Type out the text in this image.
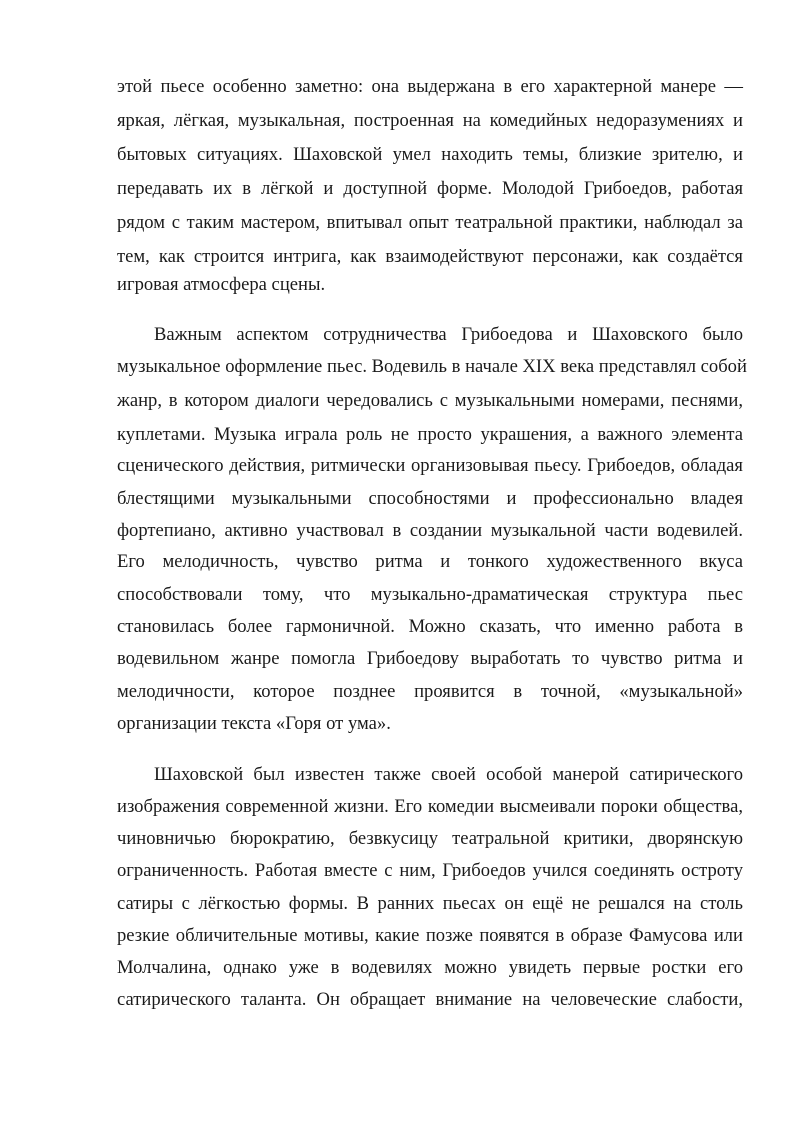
этой пьесе особенно заметно: она выдержана в его характерной манере —
яркая, лёгкая, музыкальная, построенная на комедийных недоразумениях и
бытовых ситуациях. Шаховской умел находить темы, близкие зрителю, и
передавать их в лёгкой и доступной форме. Молодой Грибоедов, работая
рядом с таким мастером, впитывал опыт театральной практики, наблюдал за
тем, как строится интрига, как взаимодействуют персонажи, как создаётся
игровая атмосфера сцены.
Важным аспектом сотрудничества Грибоедова и Шаховского было
музыкальное оформление пьес. Водевиль в начале XIX века представлял собой
жанр, в котором диалоги чередовались с музыкальными номерами, песнями,
куплетами. Музыка играла роль не просто украшения, а важного элемента
сценического действия, ритмически организовывая пьесу. Грибоедов, обладая
блестящими музыкальными способностями и профессионально владея
фортепиано, активно участвовал в создании музыкальной части водевилей.
Его мелодичность, чувство ритма и тонкого художественного вкуса
способствовали тому, что музыкально-драматическая структура пьес
становилась более гармоничной. Можно сказать, что именно работа в
водевильном жанре помогла Грибоедову выработать то чувство ритма и
мелодичности, которое позднее проявится в точной, «музыкальной»
организации текста «Горя от ума».
Шаховской был известен также своей особой манерой сатирического
изображения современной жизни. Его комедии высмеивали пороки общества,
чиновничью бюрократию, безвкусицу театральной критики, дворянскую
ограниченность. Работая вместе с ним, Грибоедов учился соединять остроту
сатиры с лёгкостью формы. В ранних пьесах он ещё не решался на столь
резкие обличительные мотивы, какие позже появятся в образе Фамусова или
Молчалина, однако уже в водевилях можно увидеть первые ростки его
сатирического таланта. Он обращает внимание на человеческие слабости,
